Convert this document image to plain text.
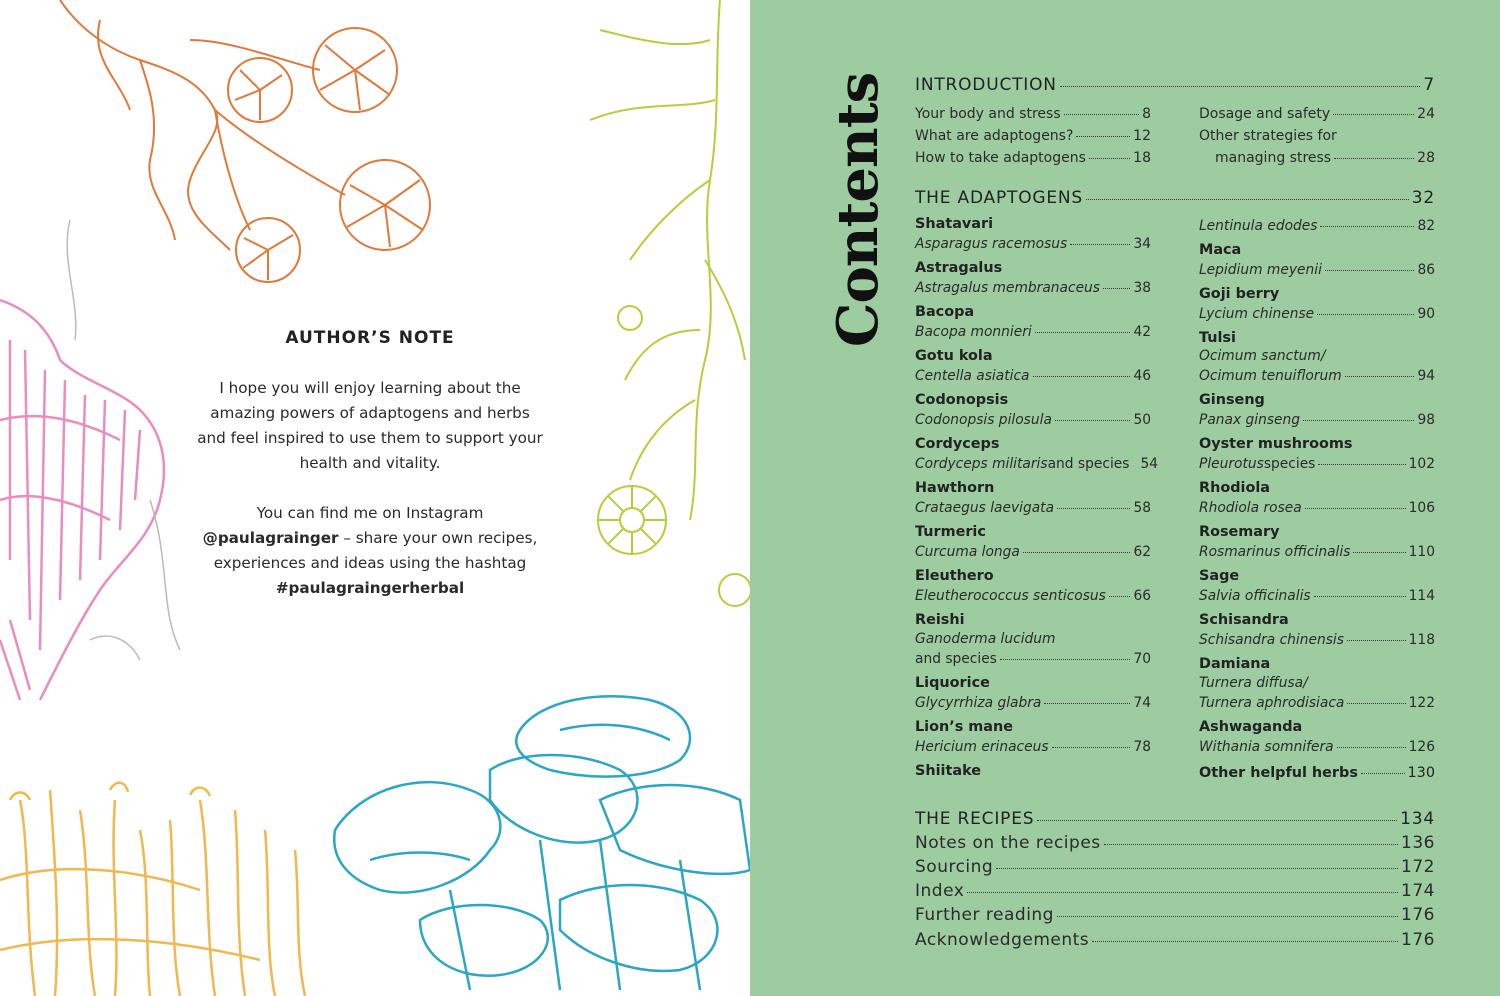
AUTHOR’S NOTE

I hope you will enjoy learning about the amazing powers of adaptogens and herbs and feel inspired to use them to support your health and vitality.

You can find me on Instagram
@paulagrainger – share your own recipes, experiences and ideas using the hashtag #paulagraingerherbal

Contents INTRODUCTION	7
Your body and stress	8
What are adaptogens?	12
How to take adaptogens	18
Dosage and safety	24
Other strategies for
managing stress	28
THE ADAPTOGENS	32
Shatavari
Asparagus racemosus	34
Astragalus
Astragalus membranaceus 38
Bacopa
Bacopa monnieri	42
Gotu kola
Centella asiatica	46
Codonopsis
Codonopsis pilosula	50
Cordyceps
Cordyceps militaris and species 54
Hawthorn
Crataegus laevigata	58
Turmeric
Curcuma longa	62
Eleuthero
Eleutherococcus senticosus 66
Reishi
Ganoderma lucidum
and species	70
Liquorice
Glycyrrhiza glabra	74
Lion’s mane
Hericium erinaceus	78
Shiitake
Lentinula edodes	82
Maca
Lepidium meyenii	86
Goji berry
Lycium chinense	90
Tulsi
Ocimum sanctum/
Ocimum tenuiflorum	94
Ginseng
Panax ginseng	98
Oyster mushrooms
Pleurotus species	102
Rhodiola
Rhodiola rosea	106
Rosemary
Rosmarinus officinalis	110
Sage
Salvia officinalis	114
Schisandra
Schisandra chinensis	118
Damiana
Turnera diffusa/
Turnera aphrodisiaca	122
Ashwaganda
Withania somnifera	126
Other helpful herbs	130
THE RECIPES	134
Notes on the recipes	136
Sourcing	172
Index	174
Further reading	176
Acknowledgements	176
